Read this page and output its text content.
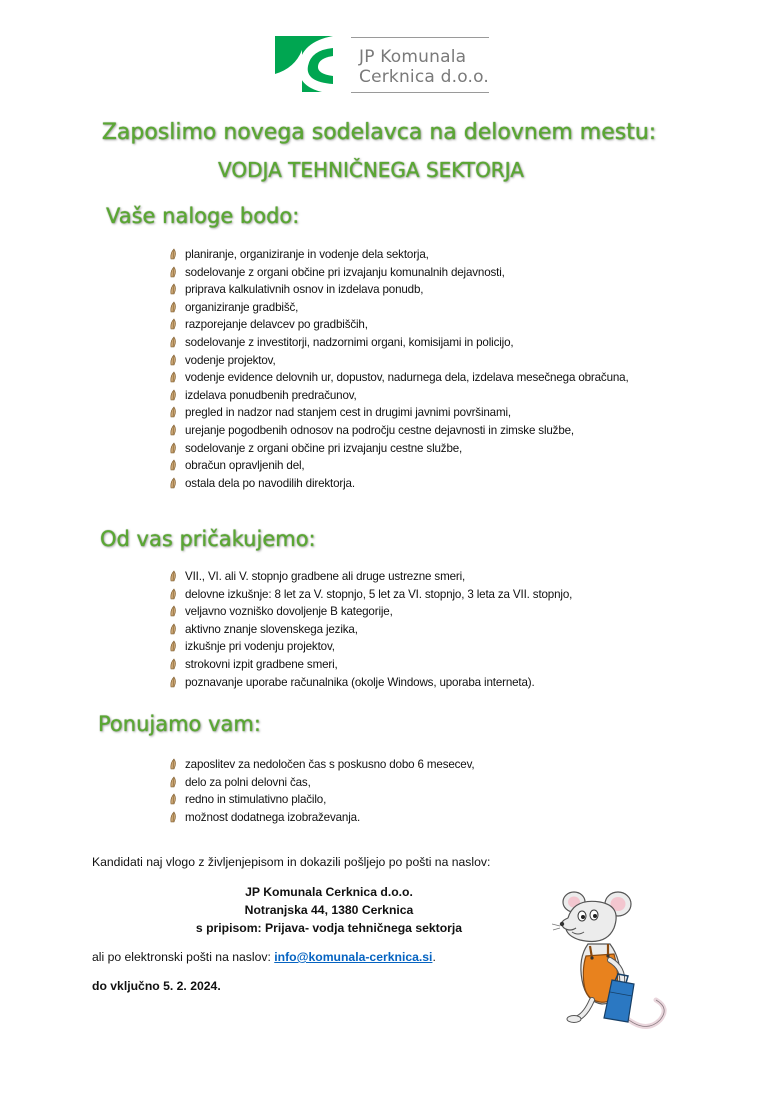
JP Komunala
Cerknica d.o.o.
Zaposlimo novega sodelavca na delovnem mestu:
VODJA TEHNIČNEGA SEKTORJA
Vaše naloge bodo:
planiranje, organiziranje in vodenje dela sektorja,
sodelovanje z organi občine pri izvajanju komunalnih dejavnosti,
priprava kalkulativnih osnov in izdelava ponudb,
organiziranje gradbišč,
razporejanje delavcev po gradbiščih,
sodelovanje z investitorji, nadzornimi organi, komisijami in policijo,
vodenje projektov,
vodenje evidence delovnih ur, dopustov, nadurnega dela, izdelava mesečnega obračuna,
izdelava ponudbenih predračunov,
pregled in nadzor nad stanjem cest in drugimi javnimi površinami,
urejanje pogodbenih odnosov na področju cestne dejavnosti in zimske službe,
sodelovanje z organi občine pri izvajanju cestne službe,
obračun opravljenih del,
ostala dela po navodilih direktorja.
Od vas pričakujemo:
VII., VI. ali V. stopnjo gradbene ali druge ustrezne smeri,
delovne izkušnje: 8 let za V. stopnjo, 5 let za VI. stopnjo, 3 leta za VII. stopnjo,
veljavno vozniško dovoljenje B kategorije,
aktivno znanje slovenskega jezika,
izkušnje pri vodenju projektov,
strokovni izpit gradbene smeri,
poznavanje uporabe računalnika (okolje Windows, uporaba interneta).
Ponujamo vam:
zaposlitev za nedoločen čas s poskusno dobo 6 mesecev,
delo za polni delovni čas,
redno in stimulativno plačilo,
možnost dodatnega izobraževanja.

Kandidati naj vlogo z življenjepisom in dokazili pošljejo po pošti na naslov:

JP Komunala Cerknica d.o.o.
Notranjska 44, 1380 Cerknica
s pripisom: Prijava- vodja tehničnega sektorja

ali po elektronski pošti na naslov: info@komunala-cerknica.si.

do vključno 5. 2. 2024.
